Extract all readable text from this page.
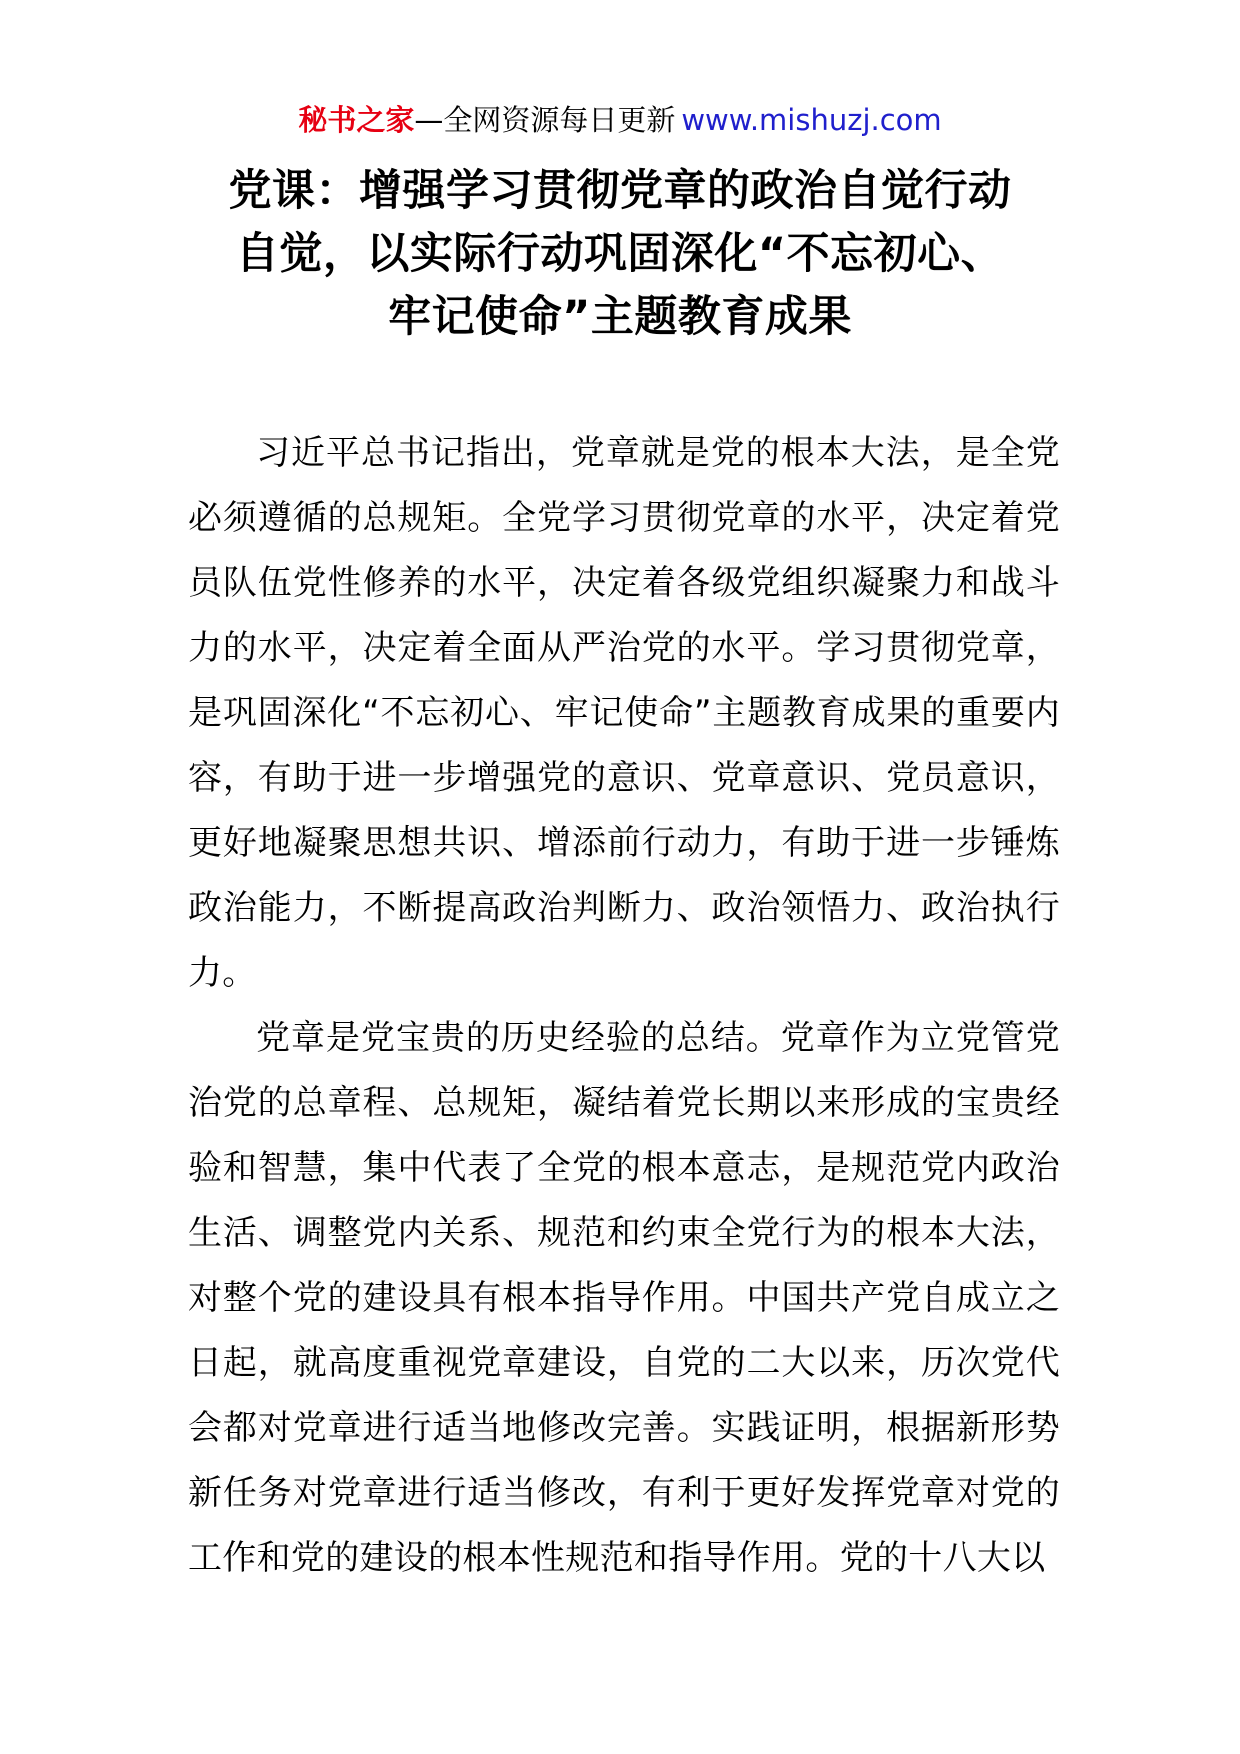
秘书之家—全网资源每日更新 www.mishuzj.com
党课：增强学习贯彻党章的政治自觉行动
自觉，以实际行动巩固深化“不忘初心、
牢记使命”主题教育成果

习近平总书记指出，党章就是党的根本大法，是全党必须遵循的总规矩。全党学习贯彻党章的水平，决定着党员队伍党性修养的水平，决定着各级党组织凝聚力和战斗力的水平，决定着全面从严治党的水平。学习贯彻党章，是巩固深化“不忘初心、牢记使命”主题教育成果的重要内容，有助于进一步增强党的意识、党章意识、党员意识，更好地凝聚思想共识、增添前行动力，有助于进一步锤炼政治能力，不断提高政治判断力、政治领悟力、政治执行力。

党章是党宝贵的历史经验的总结。党章作为立党管党治党的总章程、总规矩，凝结着党长期以来形成的宝贵经验和智慧，集中代表了全党的根本意志，是规范党内政治生活、调整党内关系、规范和约束全党行为的根本大法，对整个党的建设具有根本指导作用。中国共产党自成立之日起，就高度重视党章建设，自党的二大以来，历次党代会都对党章进行适当地修改完善。实践证明，根据新形势新任务对党章进行适当修改，有利于更好发挥党章对党的工作和党的建设的根本性规范和指导作用。党的十八大以
